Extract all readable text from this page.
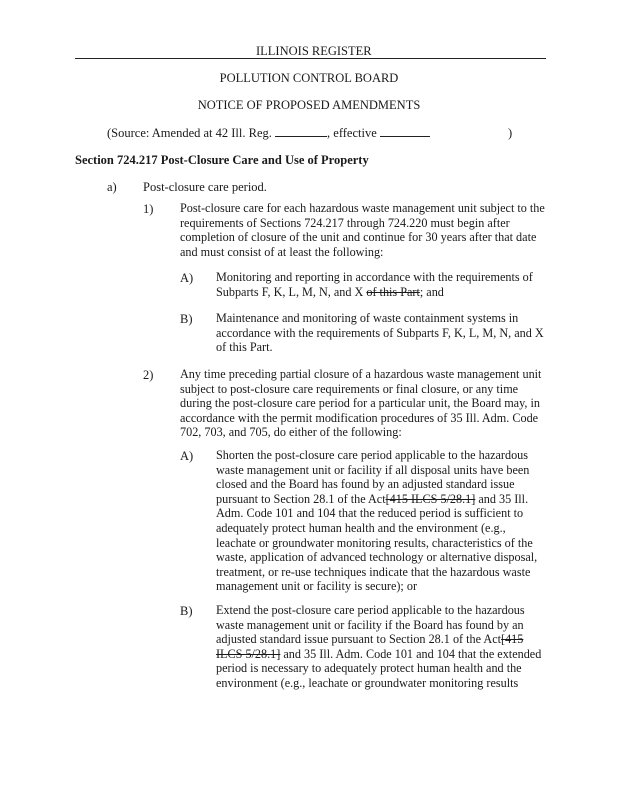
ILLINOIS REGISTER
POLLUTION CONTROL BOARD
NOTICE OF PROPOSED AMENDMENTS
(Source: Amended at 42 Ill. Reg.	, effective	)
Section 724.217 Post-Closure Care and Use of Property
a) Post-closure care period.
1) Post-closure care for each hazardous waste management unit subject to the requirements of Sections 724.217 through 724.220 must begin after completion of closure of the unit and continue for 30 years after that date and must consist of at least the following:
A) Monitoring and reporting in accordance with the requirements of Subparts F, K, L, M, N, and X of this Part; and
B) Maintenance and monitoring of waste containment systems in accordance with the requirements of Subparts F, K, L, M, N, and X of this Part.
2) Any time preceding partial closure of a hazardous waste management unit subject to post-closure care requirements or final closure, or any time during the post-closure care period for a particular unit, the Board may, in accordance with the permit modification procedures of 35 Ill. Adm. Code 702, 703, and 705, do either of the following:
A) Shorten the post-closure care period applicable to the hazardous waste management unit or facility if all disposal units have been closed and the Board has found by an adjusted standard issue pursuant to Section 28.1 of the Act[415 ILCS 5/28.1] and 35 Ill. Adm. Code 101 and 104 that the reduced period is sufficient to adequately protect human health and the environment (e.g., leachate or groundwater monitoring results, characteristics of the waste, application of advanced technology or alternative disposal, treatment, or re-use techniques indicate that the hazardous waste management unit or facility is secure); or
B) Extend the post-closure care period applicable to the hazardous waste management unit or facility if the Board has found by an adjusted standard issue pursuant to Section 28.1 of the Act[415 ILCS 5/28.1] and 35 Ill. Adm. Code 101 and 104 that the extended period is necessary to adequately protect human health and the environment (e.g., leachate or groundwater monitoring results
